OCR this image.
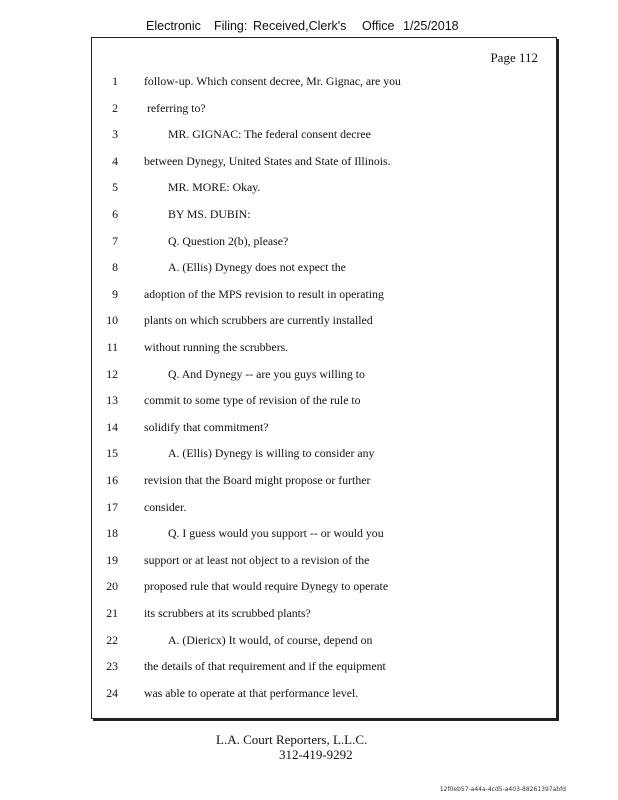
Electronic Filing: Received,Clerk's Office 1/25/2018
Page 112
1 follow-up. Which consent decree, Mr. Gignac, are you
2 referring to?
3	MR. GIGNAC: The federal consent decree
4 between Dynegy, United States and State of Illinois.
5	MR. MORE: Okay.
6	BY MS. DUBIN:
7	Q. Question 2(b), please?
8	A. (Ellis) Dynegy does not expect the
9 adoption of the MPS revision to result in operating
10 plants on which scrubbers are currently installed
11 without running the scrubbers.
12	Q. And Dynegy -- are you guys willing to
13 commit to some type of revision of the rule to
14 solidify that commitment?
15	A. (Ellis) Dynegy is willing to consider any
16 revision that the Board might propose or further
17 consider.
18	Q. I guess would you support -- or would you
19 support or at least not object to a revision of the
20 proposed rule that would require Dynegy to operate
21 its scrubbers at its scrubbed plants?
22	A. (Diericx) It would, of course, depend on
23 the details of that requirement and if the equipment
24 was able to operate at that performance level.
L.A. Court Reporters, L.L.C.
312-419-9292
12f0eb57-a44a-4cd5-a403-88261397abfd
